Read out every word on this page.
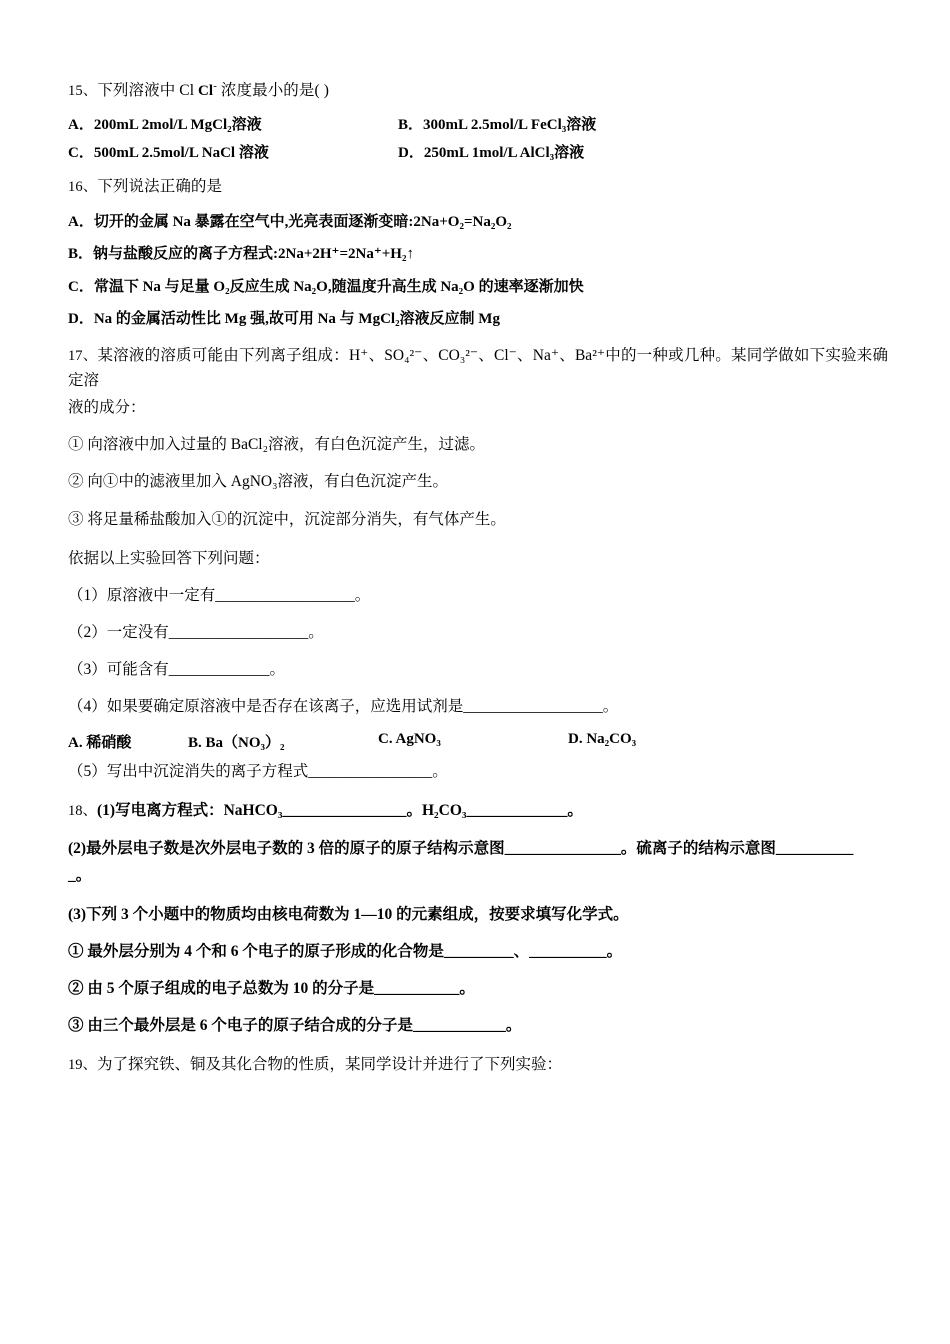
15、下列溶液中 Cl Cl- 浓度最小的是( )
A．200mL 2mol/L MgCl₂溶液	B．300mL 2.5mol/L FeCl₃溶液
C．500mL 2.5mol/L NaCl 溶液	D．250mL 1mol/L AlCl₃溶液
16、下列说法正确的是
A．切开的金属 Na 暴露在空气中,光亮表面逐渐变暗:2Na+O₂=Na₂O₂
B．钠与盐酸反应的离子方程式:2Na+2H⁺=2Na⁺+H₂↑
C．常温下 Na 与足量 O₂反应生成 Na₂O,随温度升高生成 Na₂O 的速率逐渐加快
D．Na 的金属活动性比 Mg 强,故可用 Na 与 MgCl₂溶液反应制 Mg
17、某溶液的溶质可能由下列离子组成：H⁺、SO₄²⁻、CO₃²⁻、Cl⁻、Na⁺、Ba²⁺中的一种或几种。某同学做如下实验来确定溶
液的成分：
① 向溶液中加入过量的 BaCl₂溶液，有白色沉淀产生，过滤。
② 向①中的滤液里加入 AgNO₃溶液，有白色沉淀产生。
③ 将足量稀盐酸加入①的沉淀中，沉淀部分消失，有气体产生。
依据以上实验回答下列问题：
（1）原溶液中一定有__________________。
（2）一定没有__________________。
（3）可能含有_____________。
（4）如果要确定原溶液中是否存在该离子，应选用试剂是__________________。
A. 稀硝酸	B. Ba（NO₃）₂	C. AgNO₃	D. Na₂CO₃
（5）写出中沉淀消失的离子方程式________________。
18、(1)写电离方程式：NaHCO₃________________。H₂CO₃_____________。
(2)最外层电子数是次外层电子数的 3 倍的原子的原子结构示意图_______________。硫离子的结构示意图__________
_。
(3)下列 3 个小题中的物质均由核电荷数为 1—10 的元素组成，按要求填写化学式。
① 最外层分别为 4 个和 6 个电子的原子形成的化合物是_________、__________。
② 由 5 个原子组成的电子总数为 10 的分子是___________。
③ 由三个最外层是 6 个电子的原子结合成的分子是____________。
19、为了探究铁、铜及其化合物的性质，某同学设计并进行了下列实验：
